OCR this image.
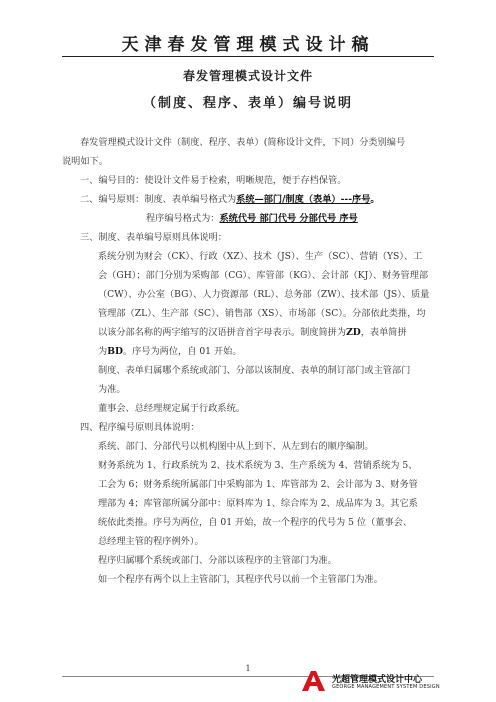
天津春发管理模式设计稿
春发管理模式设计文件
（制度、程序、表单）编号说明
春发管理模式设计文件（制度、程序、表单）(简称设计文件，下同）分类别编号
说明如下。
一、编号目的：使设计文件易于检索，明晰规范，便于存档保管。
二、编号原则：制度、表单编号格式为系统—部门/制度（表单）---序号。
程序编号格式为：系统代号 部门代号 分部代号 序号
三、制度、表单编号原则具体说明：
系统分别为财会（CK）、行政（XZ）、技术（JS）、生产（SC）、营销（YS）、工
会（GH）；部门分别为采购部（CG）、库管部（KG）、会计部（KJ）、财务管理部
（CW）、办公室（BG）、人力资源部（RL）、总务部（ZW）、技术部（JS）、质量
管理部（ZL）、生产部（SC）、销售部（XS）、市场部（SC）。分部依此类推，均
以该分部名称的两字缩写的汉语拼音首字母表示。制度简拼为ZD，表单简拼
为BD。序号为两位，自 01 开始。
制度、表单归属哪个系统或部门、分部以该制度、表单的制订部门或主管部门
为准。
董事会、总经理规定属于行政系统。
四、程序编号原则具体说明：
系统、部门、分部代号以机构图中从上到下、从左到右的顺序编制。
财务系统为 1、行政系统为 2、技术系统为 3、生产系统为 4、营销系统为 5、
工会为 6；财务系统所属部门中采购部为 1、库管部为 2、会计部为 3、财务管
理部为 4；库管部所属分部中：原料库为 1、综合库为 2、成品库为 3。其它系
统依此类推。序号为两位，自 01 开始，故一个程序的代号为 5 位（董事会、
总经理主管的程序例外）。
程序归属哪个系统或部门、分部以该程序的主管部门为准。
如一个程序有两个以上主管部门，其程序代号以前一个主管部门为准。
1
光超管理模式设计中心
GEORGE MANAGEMENT SYSTEM DESIGN
